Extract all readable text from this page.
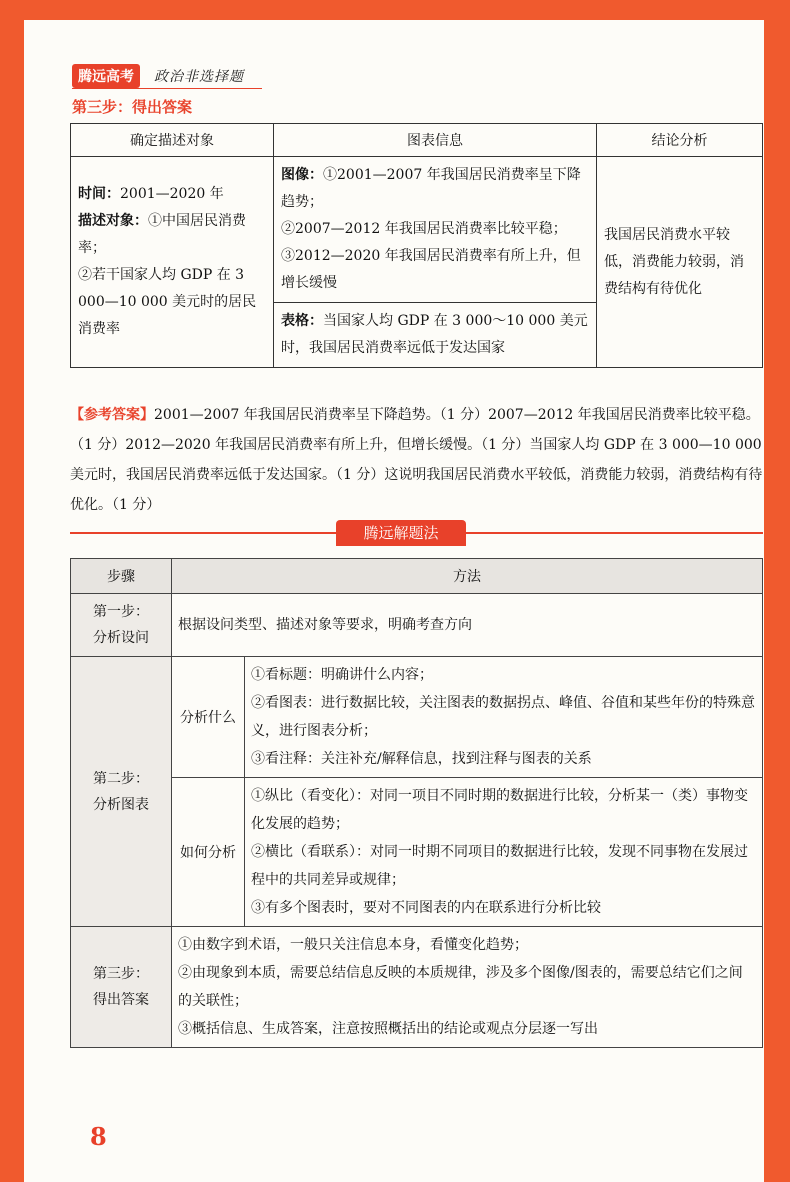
腾远高考	政治非选择题
第三步：得出答案
确定描述对象	图表信息	结论分析

时间：2001—2020 年
描述对象：①中国居民消费率；
②若干国家人均 GDP 在 3 000—10 000 美元时的居民消费率	图像：①2001—2007 年我国居民消费率呈下降趋势；
②2007—2012 年我国居民消费率比较平稳；
③2012—2020 年我国居民消费率有所上升，但增长缓慢	我国居民消费水平较低，消费能力较弱，消费结构有待优化

	表格：当国家人均 GDP 在 3 000～10 000 美元时，我国居民消费率远低于发达国家	
【参考答案】2001—2007 年我国居民消费率呈下降趋势。（1 分）2007—2012 年我国居民消费率比较平稳。（1 分）2012—2020 年我国居民消费率有所上升，但增长缓慢。（1 分）当国家人均 GDP 在 3 000—10 000 美元时，我国居民消费率远低于发达国家。（1 分）这说明我国居民消费水平较低，消费能力较弱，消费结构有待优化。（1 分）
腾远解题法
步骤	方法	
第一步：
分析设问	根据设问类型、描述对象等要求，明确考查方向	
第二步：
分析图表	分析什么	①看标题：明确讲什么内容；
②看图表：进行数据比较，关注图表的数据拐点、峰值、谷值和某些年份的特殊意义，进行图表分析；
③看注释：关注补充/解释信息，找到注释与图表的关系
	如何分析	①纵比（看变化）：对同一项目不同时期的数据进行比较，分析某一（类）事物变化发展的趋势；
②横比（看联系）：对同一时期不同项目的数据进行比较，发现不同事物在发展过程中的共同差异或规律；
③有多个图表时，要对不同图表的内在联系进行分析比较
第三步：
得出答案	①由数字到术语，一般只关注信息本身，看懂变化趋势；
②由现象到本质，需要总结信息反映的本质规律，涉及多个图像/图表的，需要总结它们之间的关联性；
③概括信息、生成答案，注意按照概括出的结论或观点分层逐一写出	
8
